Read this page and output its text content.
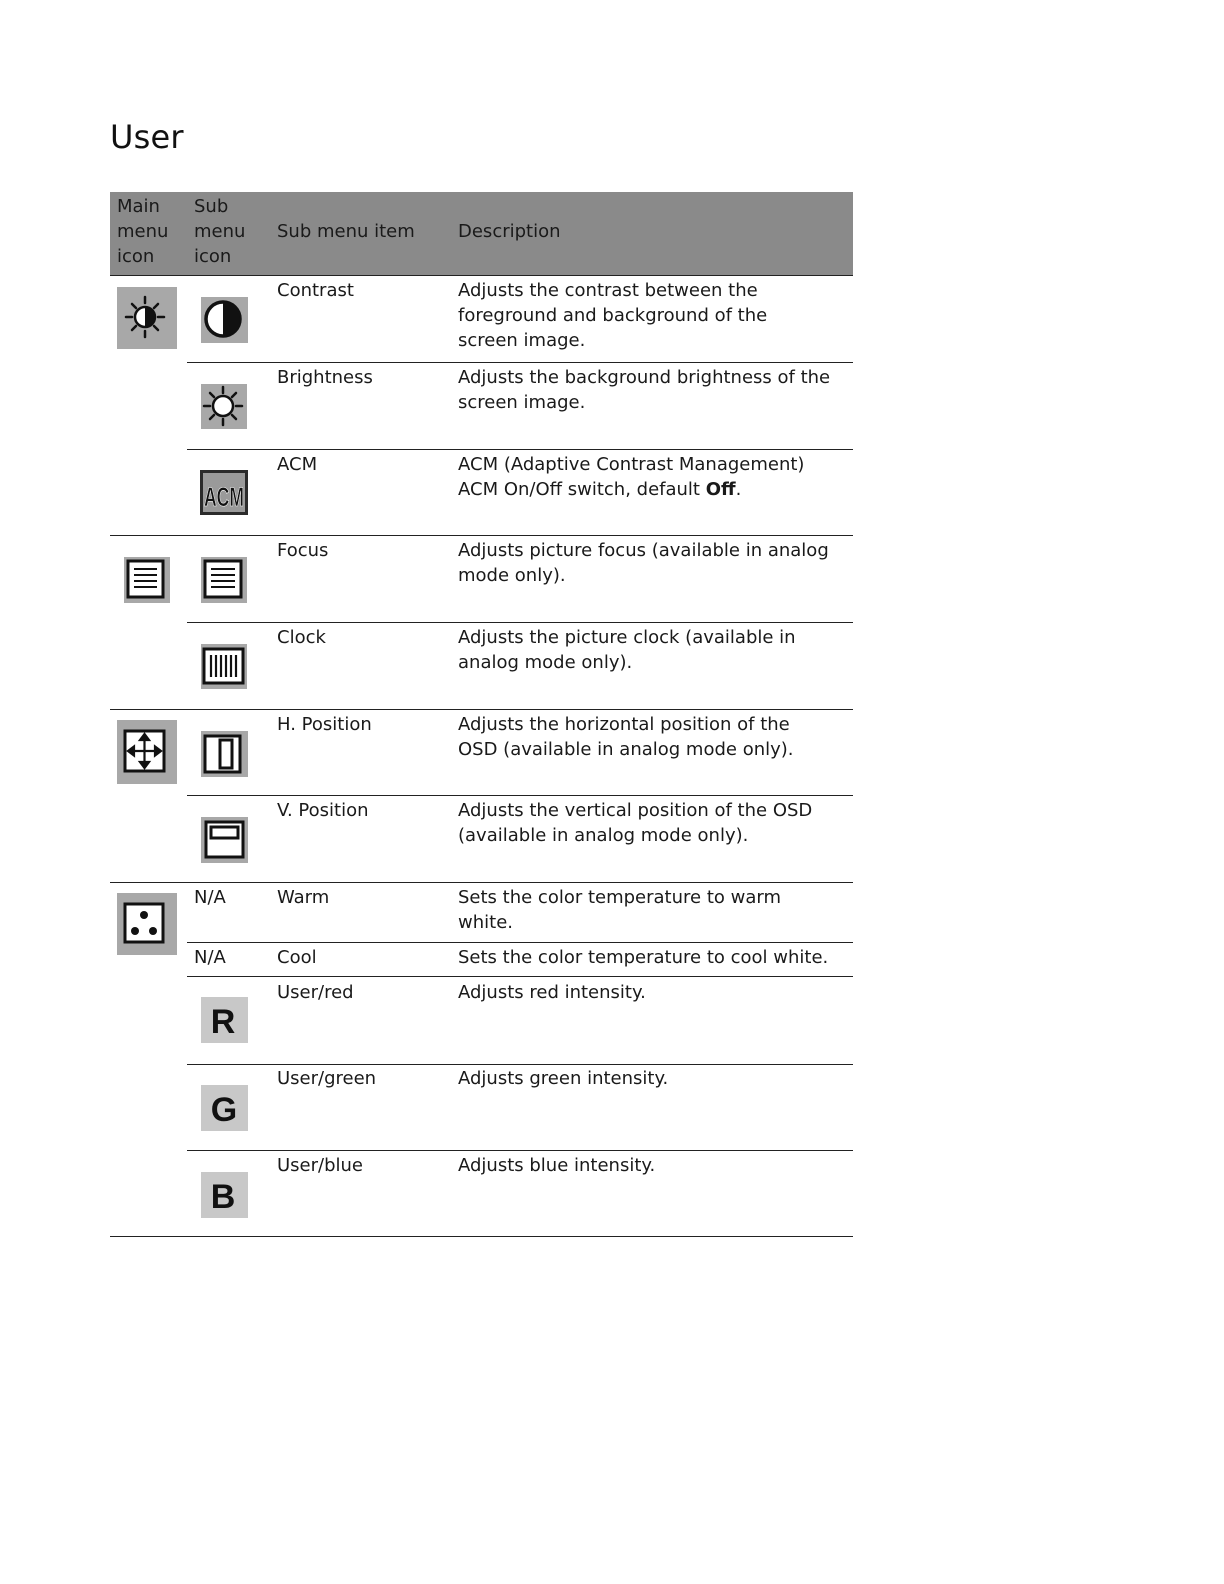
User
Main
menu
icon
Sub
menu
icon
Sub menu item	Description
ACM
R
G
B
N/A
N/A
Contrast
Brightness
ACM
Focus
Clock
H. Position
V. Position
Warm
Cool
User/red
User/green
User/blue
Adjusts the contrast between the foreground and background of the screen image.
Adjusts the background brightness of the screen image.
ACM (Adaptive Contrast Management) ACM On/Off switch, default Off.
Adjusts picture focus (available in analog mode only).
Adjusts the picture clock (available in analog mode only).
Adjusts the horizontal position of the OSD (available in analog mode only).
Adjusts the vertical position of the OSD (available in analog mode only).
Sets the color temperature to warm white.
Sets the color temperature to cool white.
Adjusts red intensity.
Adjusts green intensity.
Adjusts blue intensity.
